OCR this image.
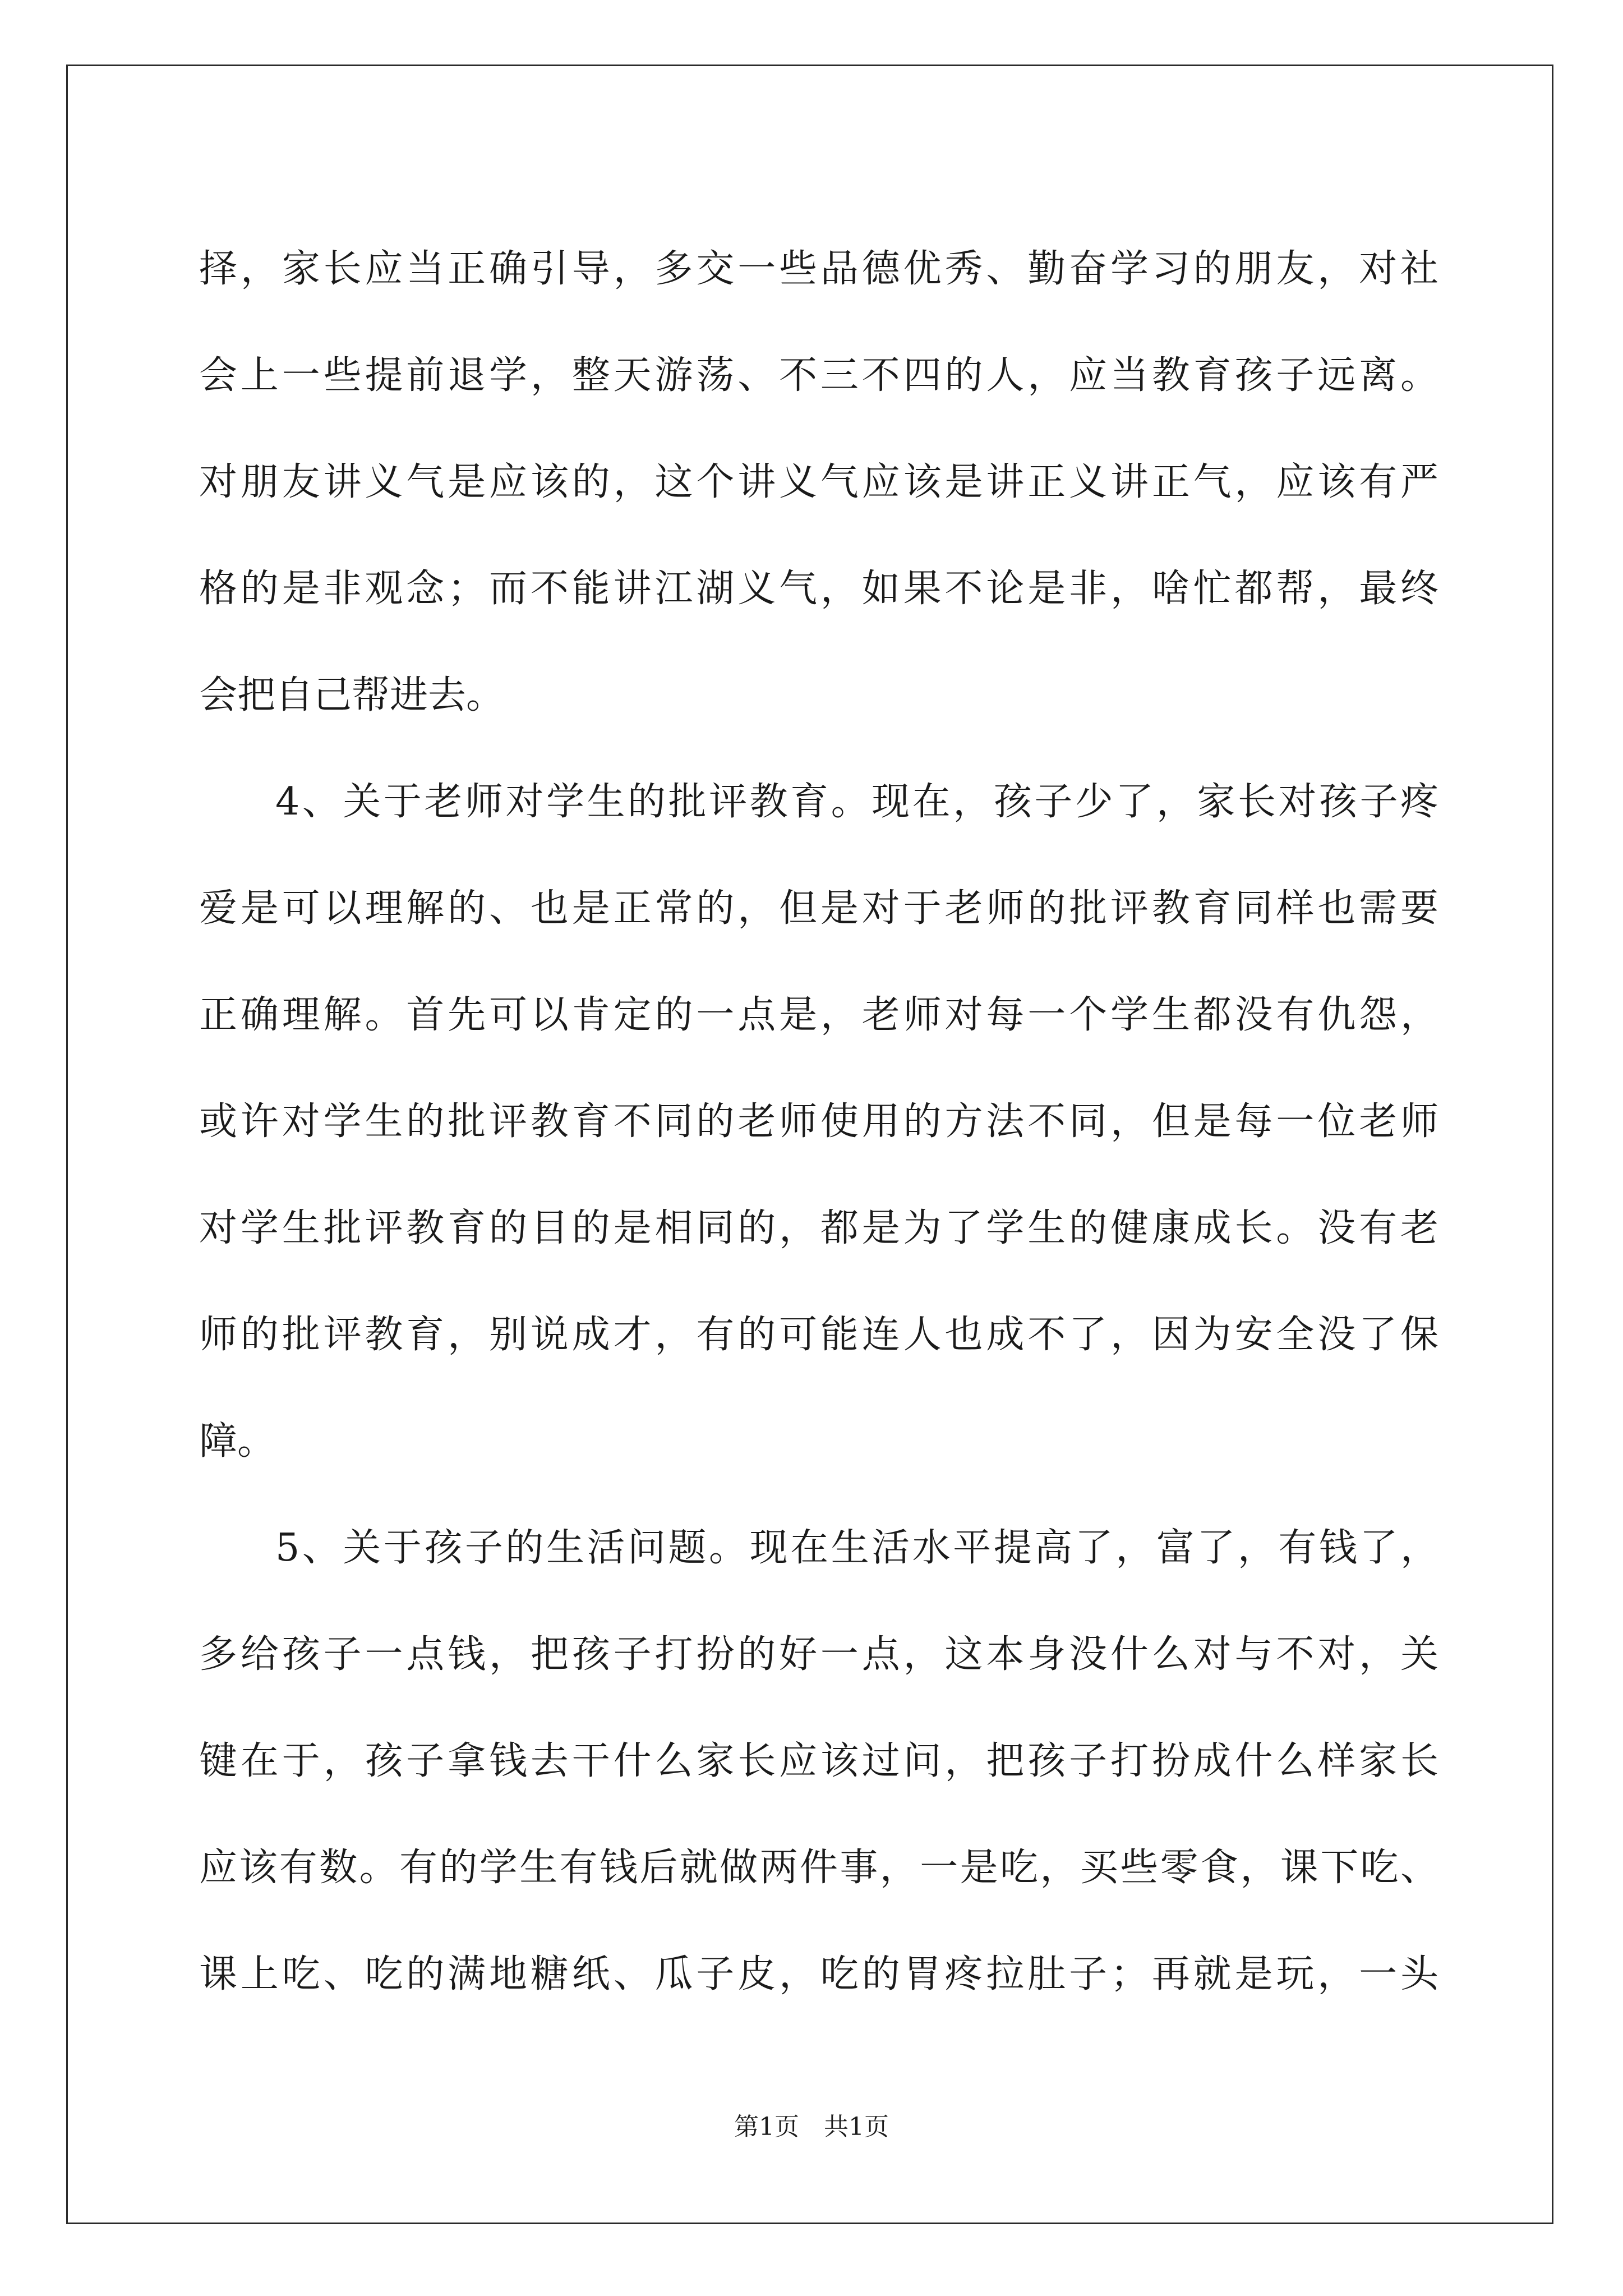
择，家长应当正确引导，多交一些品德优秀、勤奋学习的朋友，对社
会上一些提前退学，整天游荡、不三不四的人，应当教育孩子远离。
对朋友讲义气是应该的，这个讲义气应该是讲正义讲正气，应该有严
格的是非观念；而不能讲江湖义气，如果不论是非，啥忙都帮，最终
会把自己帮进去。
4、关于老师对学生的批评教育。现在，孩子少了，家长对孩子疼
爱是可以理解的、也是正常的，但是对于老师的批评教育同样也需要
正确理解。首先可以肯定的一点是，老师对每一个学生都没有仇怨，
或许对学生的批评教育不同的老师使用的方法不同，但是每一位老师
对学生批评教育的目的是相同的，都是为了学生的健康成长。没有老
师的批评教育，别说成才，有的可能连人也成不了，因为安全没了保
障。
5、关于孩子的生活问题。现在生活水平提高了，富了，有钱了，
多给孩子一点钱，把孩子打扮的好一点，这本身没什么对与不对，关
键在于，孩子拿钱去干什么家长应该过问，把孩子打扮成什么样家长
应该有数。有的学生有钱后就做两件事，一是吃，买些零食，课下吃、
课上吃、吃的满地糖纸、瓜子皮，吃的胃疼拉肚子；再就是玩，一头
第1页 共1页
